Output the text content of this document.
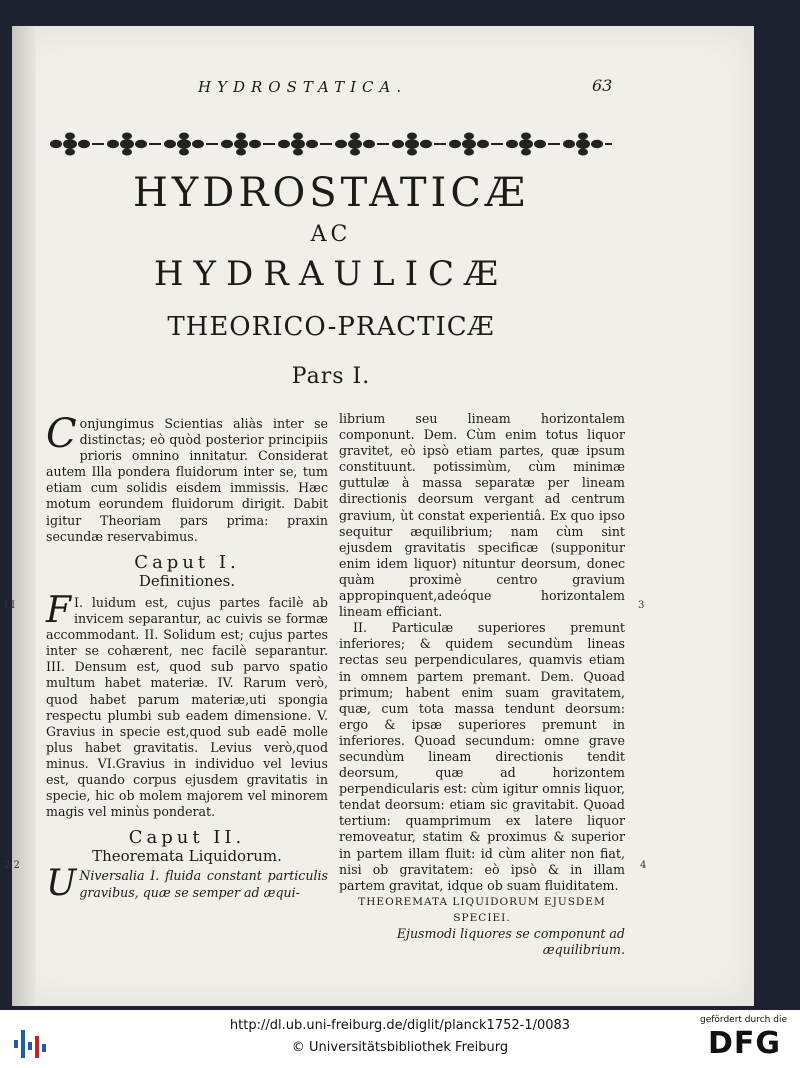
HYDROSTATICA.	63
HYDROSTATICÆ
AC
HYDRAULICÆ
THEORICO-PRACTICÆ
Pars I.

Conjungimus Scientias aliàs inter se distinctas; eò quòd posterior principiis prioris omnino innitatur. Considerat autem Illa pondera fluidorum inter se, tum etiam cum solidis eisdem immissis. Hæc motum eorundem fluidorum dirigit. Dabit igitur Theoriam pars prima: praxin secundæ reservabimus.

Caput I.

Definitiones.

I.
F luidum est, cujus partes facilè ab invicem separantur, ac cuivis se formæ accommodant. II. Solidum est; cujus partes inter se cohærent, nec facilè separantur. III. Densum est, quod sub parvo spatio multum habet materiæ. IV. Rarum verò, quod habet parum materiæ,uti spongia respectu plumbi sub eadem dimensione. V. Gravius in specie est,quod sub eadē molle plus habet gravitatis. Levius verò,quod minus. VI.Gravius in individuo vel levius est, quando corpus ejusdem gravitatis in specie, hic ob molem majorem vel minorem magis vel minùs ponderat.

Caput II.

Theoremata Liquidorum.

U Niversalia I. fluida constant particulis gravibus, quæ se semper ad æqui-

librium seu lineam horizontalem componunt. Dem. Cùm enim totus liquor gravitet, eò ipsò etiam partes, quæ ipsum constituunt. potissimùm, cùm minimæ guttulæ à massa separatæ per lineam directionis deorsum vergant ad centrum gravium, ùt constat experientiâ. Ex quo ipso sequitur æquilibrium; nam cùm sint ejusdem gravitatis specificæ (supponitur enim idem liquor) nituntur deorsum, donec quàm proximè centro gravium appropinquent,adeóque horizontalem lineam efficiant.

II. Particulæ superiores premunt inferiores; & quidem secundùm lineas rectas seu perpendiculares, quamvis etiam in omnem partem premant. Dem. Quoad primum; habent enim suam gravitatem, quæ, cum tota massa tendunt deorsum: ergo & ipsæ superiores premunt in inferiores. Quoad secundum: omne grave secundùm lineam directionis tendit deorsum, quæ ad horizontem perpendicularis est: cùm igitur omnis liquor, tendat deorsum: etiam sic gravitabit. Quoad tertium: quamprimum ex latere liquor removeatur, statim & proximus & superior in partem illam fluit: id cùm aliter non fiat, nisi ob gravitatem: eò ipsò & in illam partem gravitat, idque ob suam fluiditatem.

THEOREMATA LIQUIDORUM EJUSDEM SPECIEI.

Ejusmodi liquores se componunt ad æquilibrium.

I I
2 2
3
4
http://dl.ub.uni-freiburg.de/diglit/planck1752-1/0083
© Universitätsbibliothek Freiburg
gefördert durch die
DFG
